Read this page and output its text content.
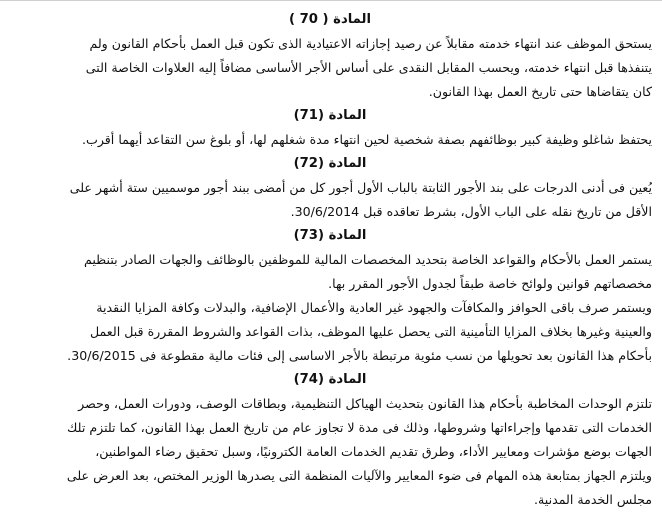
المادة ( 70 )
يستحق الموظف عند انتهاء خدمته مقابلاً عن رصيد إجازاته الاعتيادية الذى تكون قبل العمل بأحكام القانون ولم
يتنفذها قبل انتهاء خدمته، ويحسب المقابل النقدى على أساس الأجر الأساسى مضافاً إليه العلاوات الخاصة التى
كان يتقاضاها حتى تاريخ العمل بهذا القانون.
المادة (71)
يحتفظ شاغلو وظيفة كبير بوظائفهم بصفة شخصية لحين انتهاء مدة شغلهم لها، أو بلوغ سن التقاعد أيهما أقرب.
المادة (72)
يُعين فى أدنى الدرجات على بند الأجور الثابتة بالباب الأول أجور كل من أمضى ببند أجور موسميين ستة أشهر على
الأقل من تاريخ نقله على الباب الأول، بشرط تعاقده قبل 30/6/2014.
المادة (73)
يستمر العمل بالأحكام والقواعد الخاصة بتحديد المخصصات المالية للموظفين بالوظائف والجهات الصادر بتنظيم
مخصصاتهم قوانين ولوائح خاصة طبقاً لجدول الأجور المقرر بها.
ويستمر صرف باقى الحوافز والمكافآت والجهود غير العادية والأعمال الإضافية، والبدلات وكافة المزايا النقدية
والعينية وغيرها بخلاف المزايا التأمينية التى يحصل عليها الموظف، بذات القواعد والشروط المقررة قبل العمل
بأحكام هذا القانون بعد تحويلها من نسب مئوية مرتبطة بالأجر الاساسى إلى فئات مالية مقطوعة فى 30/6/2015.
المادة (74)
تلتزم الوحدات المخاطبة بأحكام هذا القانون بتحديث الهياكل التنظيمية، وبطاقات الوصف، ودورات العمل، وحصر
الخدمات التى تقدمها وإجراءاتها وشروطها، وذلك فى مدة لا تجاوز عام من تاريخ العمل بهذا القانون، كما تلتزم تلك
الجهات بوضع مؤشرات ومعايير الأداء، وطرق تقديم الخدمات العامة الكترونيًا، وسبل تحقيق رضاء المواطنين،
ويلتزم الجهاز بمتابعة هذه المهام فى ضوء المعايير والآليات المنظمة التى يصدرها الوزير المختص، بعد العرض على
مجلس الخدمة المدنية.
